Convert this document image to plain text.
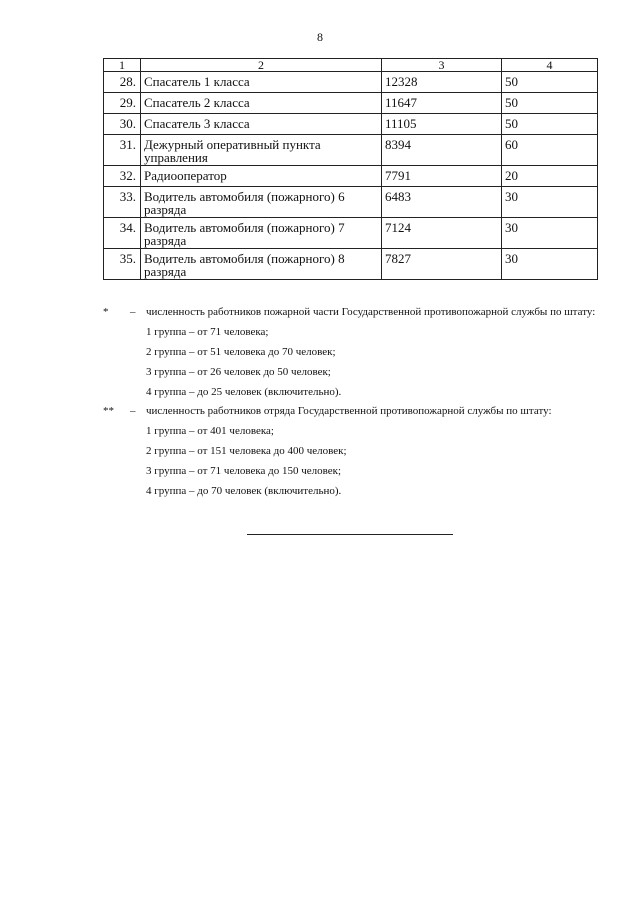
8
1	2	3	4
28.	Спасатель 1 класса	12328	50
29.	Спасатель 2 класса	11647	50
30.	Спасатель 3 класса	11105	50
31.	Дежурный оперативный пункта управления	8394	60
32.	Радиооператор	7791	20
33.	Водитель автомобиля (пожарного) 6 разряда	6483	30
34.	Водитель автомобиля (пожарного) 7 разряда	7124	30
35.	Водитель автомобиля (пожарного) 8 разряда	7827	30
* – численность работников пожарной части Государственной противопожарной службы по штату:
1 группа – от 71 человека;
2 группа – от 51 человека до 70 человек;
3 группа – от 26 человек до 50 человек;
4 группа – до 25 человек (включительно).
** – численность работников отряда Государственной противопожарной службы по штату:
1 группа – от 401 человека;
2 группа – от 151 человека до 400 человек;
3 группа – от 71 человека до 150 человек;
4 группа – до 70 человек (включительно).
